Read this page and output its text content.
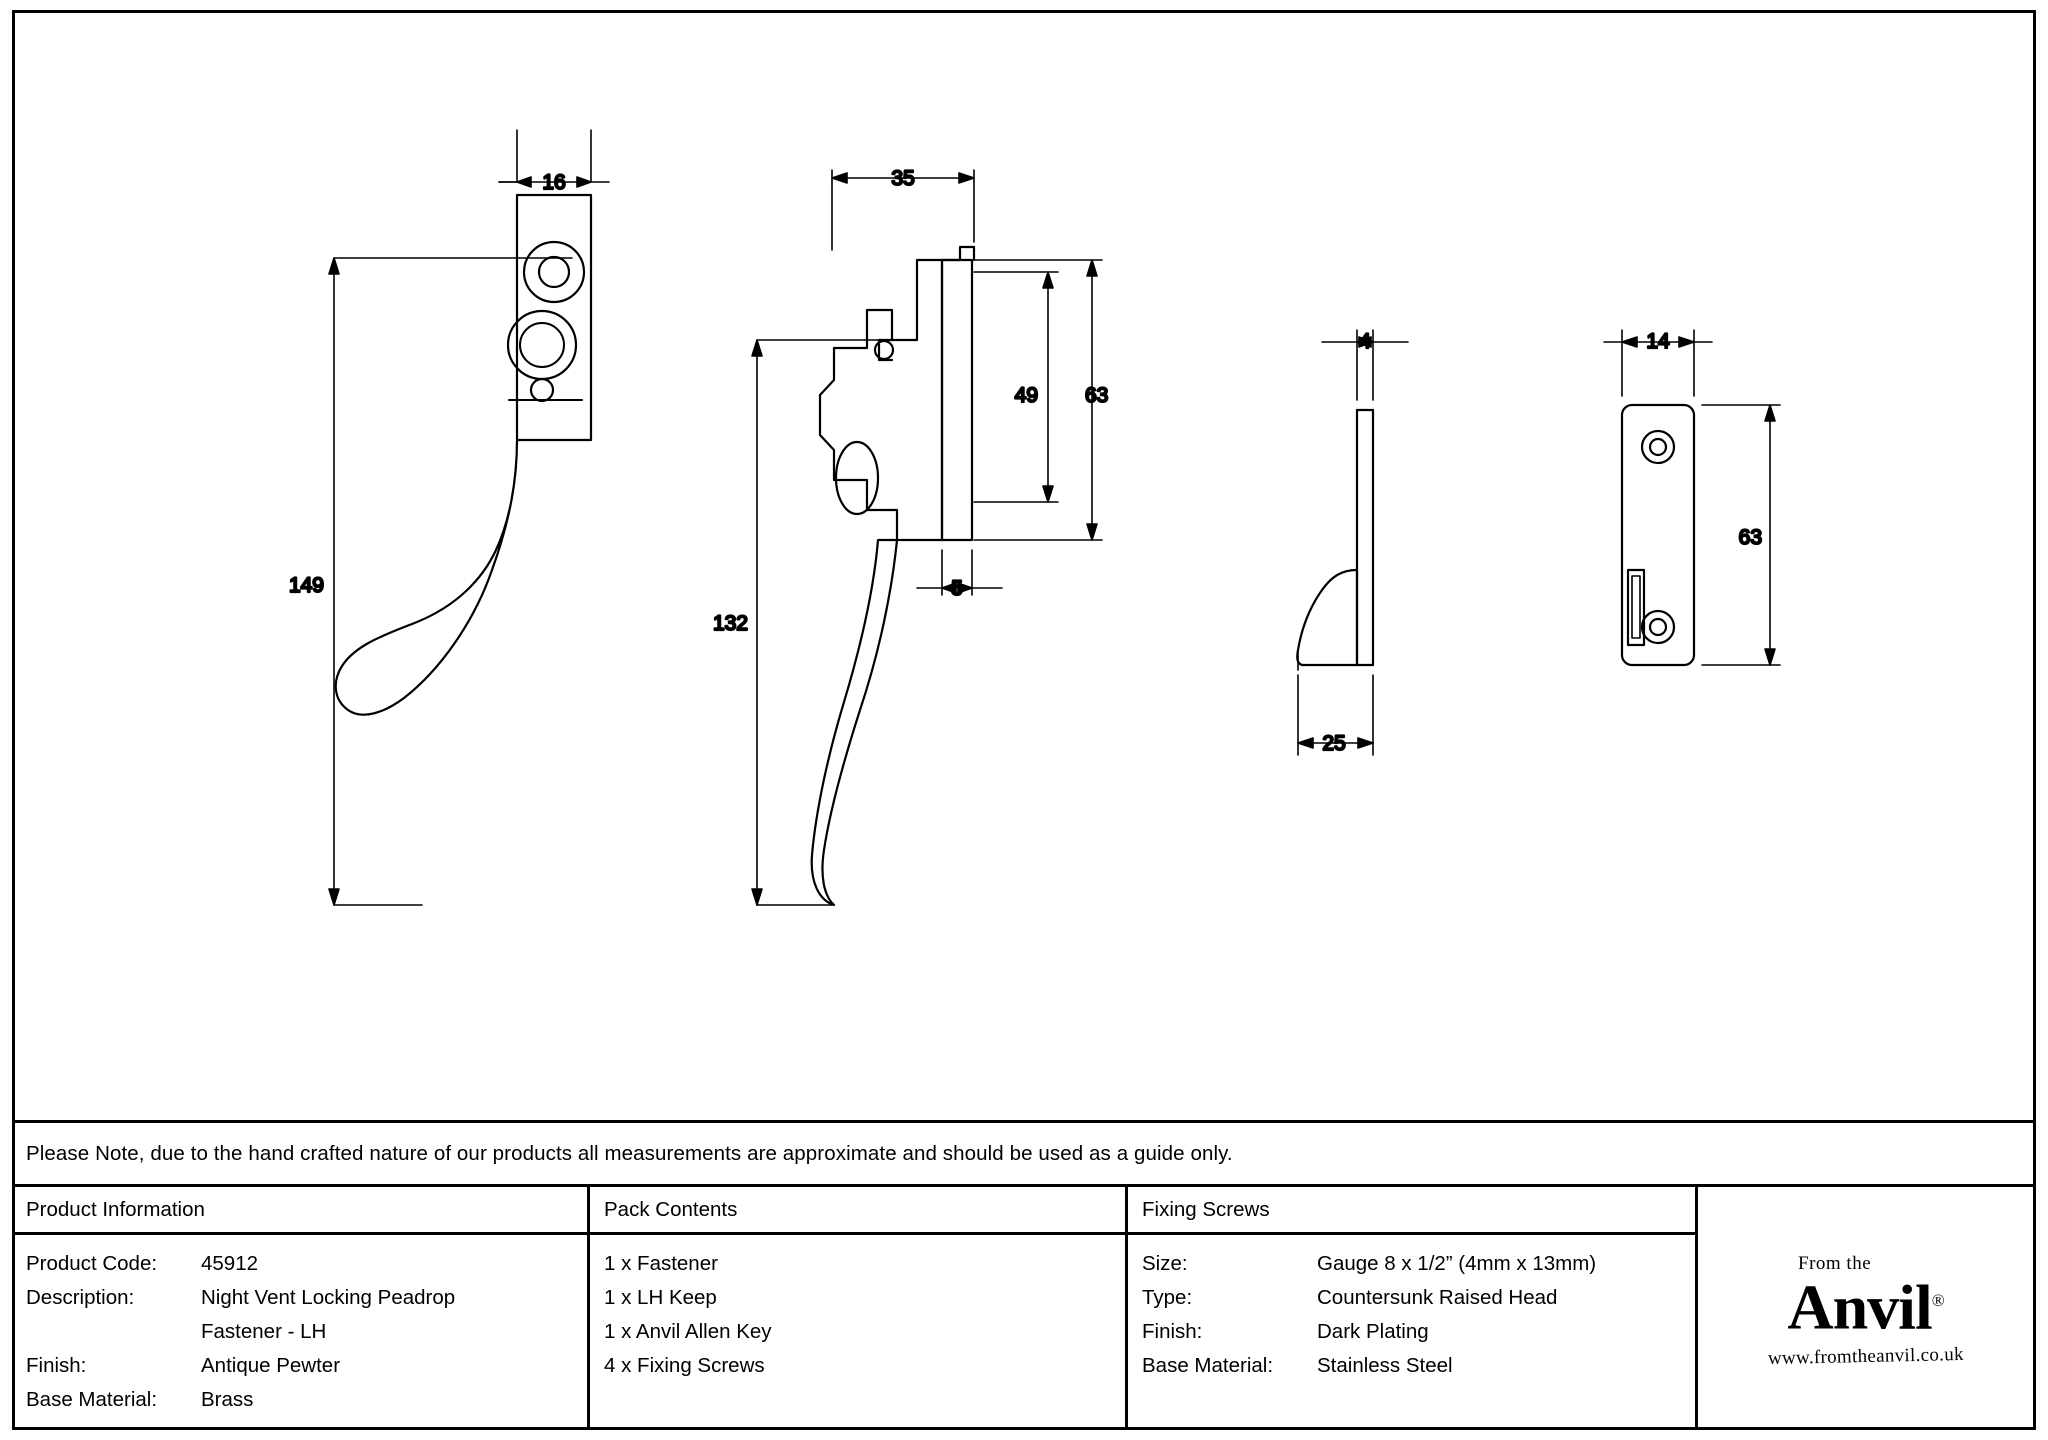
16
149
35
132
5
49 63
4
25
14
63
Please Note, due to the hand crafted nature of our products all measurements are approximate and should be used as a guide only.
Product Information
Product Code:	45912
Description:	Night Vent Locking Peadrop
Fastener - LH
Finish:	Antique Pewter
Base Material:	Brass
Pack Contents
1 x Fastener
1 x LH Keep
1 x Anvil Allen Key
4 x Fixing Screws
Fixing Screws
Size:	Gauge 8 x 1/2” (4mm x 13mm)
Type:	Countersunk Raised Head
Finish:	Dark Plating
Base Material:	Stainless Steel
From the
Anvil®
www.fromtheanvil.co.uk
